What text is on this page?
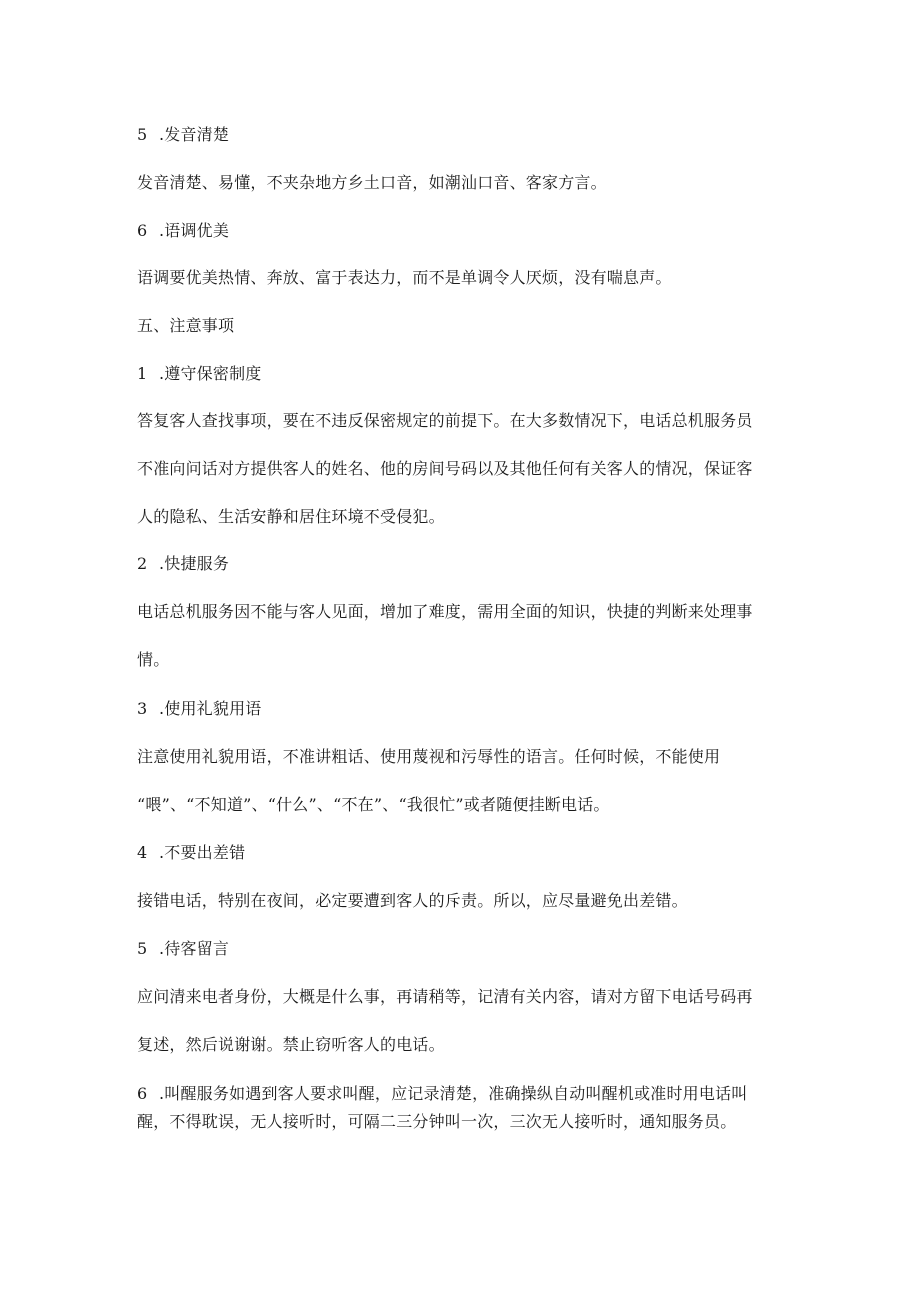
5 .发音清楚
发音清楚、易懂，不夹杂地方乡土口音，如潮汕口音、客家方言。
6 .语调优美
语调要优美热情、奔放、富于表达力，而不是单调令人厌烦，没有喘息声。
五、注意事项
1 .遵守保密制度
答复客人查找事项，要在不违反保密规定的前提下。在大多数情况下，电话总机服务员
不准向问话对方提供客人的姓名、他的房间号码以及其他任何有关客人的情况，保证客
人的隐私、生活安静和居住环境不受侵犯。
2 .快捷服务
电话总机服务因不能与客人见面，增加了难度，需用全面的知识，快捷的判断来处理事
情。
3 .使用礼貌用语
注意使用礼貌用语，不准讲粗话、使用蔑视和污辱性的语言。任何时候，不能使用
“喂”、“不知道”、“什么”、“不在”、“我很忙”或者随便挂断电话。
4 .不要出差错
接错电话，特别在夜间，必定要遭到客人的斥责。所以，应尽量避免出差错。
5 .待客留言
应问清来电者身份，大概是什么事，再请稍等，记清有关内容，请对方留下电话号码再
复述，然后说谢谢。禁止窃听客人的电话。
6 .叫醒服务如遇到客人要求叫醒，应记录清楚，准确操纵自动叫醒机或准时用电话叫
醒，不得耽误，无人接听时，可隔二三分钟叫一次，三次无人接听时，通知服务员。
